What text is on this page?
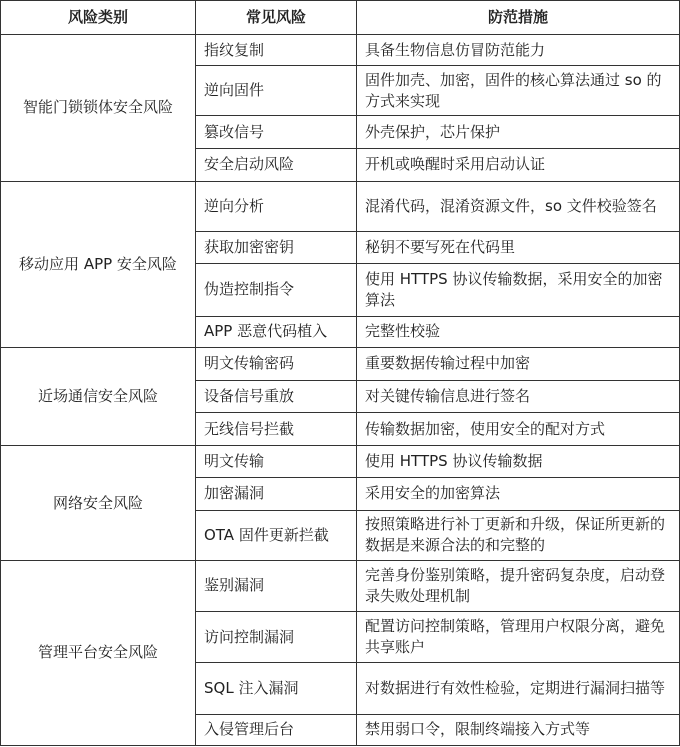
风险类别	常见风险	防范措施
智能门锁锁体安全风险	指纹复制	具备生物信息仿冒防范能力
	逆向固件	固件加壳、加密，固件的核心算法通过 so 的方式来实现
	篡改信号	外壳保护，芯片保护
	安全启动风险	开机或唤醒时采用启动认证
移动应用 APP 安全风险	逆向分析	混淆代码，混淆资源文件，so 文件校验签名
	获取加密密钥	秘钥不要写死在代码里
	伪造控制指令	使用 HTTPS 协议传输数据，采用安全的加密算法
	APP 恶意代码植入	完整性校验
近场通信安全风险	明文传输密码	重要数据传输过程中加密
	设备信号重放	对关键传输信息进行签名
	无线信号拦截	传输数据加密，使用安全的配对方式
网络安全风险	明文传输	使用 HTTPS 协议传输数据
	加密漏洞	采用安全的加密算法
	OTA 固件更新拦截	按照策略进行补丁更新和升级，保证所更新的数据是来源合法的和完整的
管理平台安全风险	鉴别漏洞	完善身份鉴别策略，提升密码复杂度，启动登录失败处理机制
	访问控制漏洞	配置访问控制策略，管理用户权限分离，避免共享账户
	SQL 注入漏洞	对数据进行有效性检验，定期进行漏洞扫描等
	入侵管理后台	禁用弱口令，限制终端接入方式等
